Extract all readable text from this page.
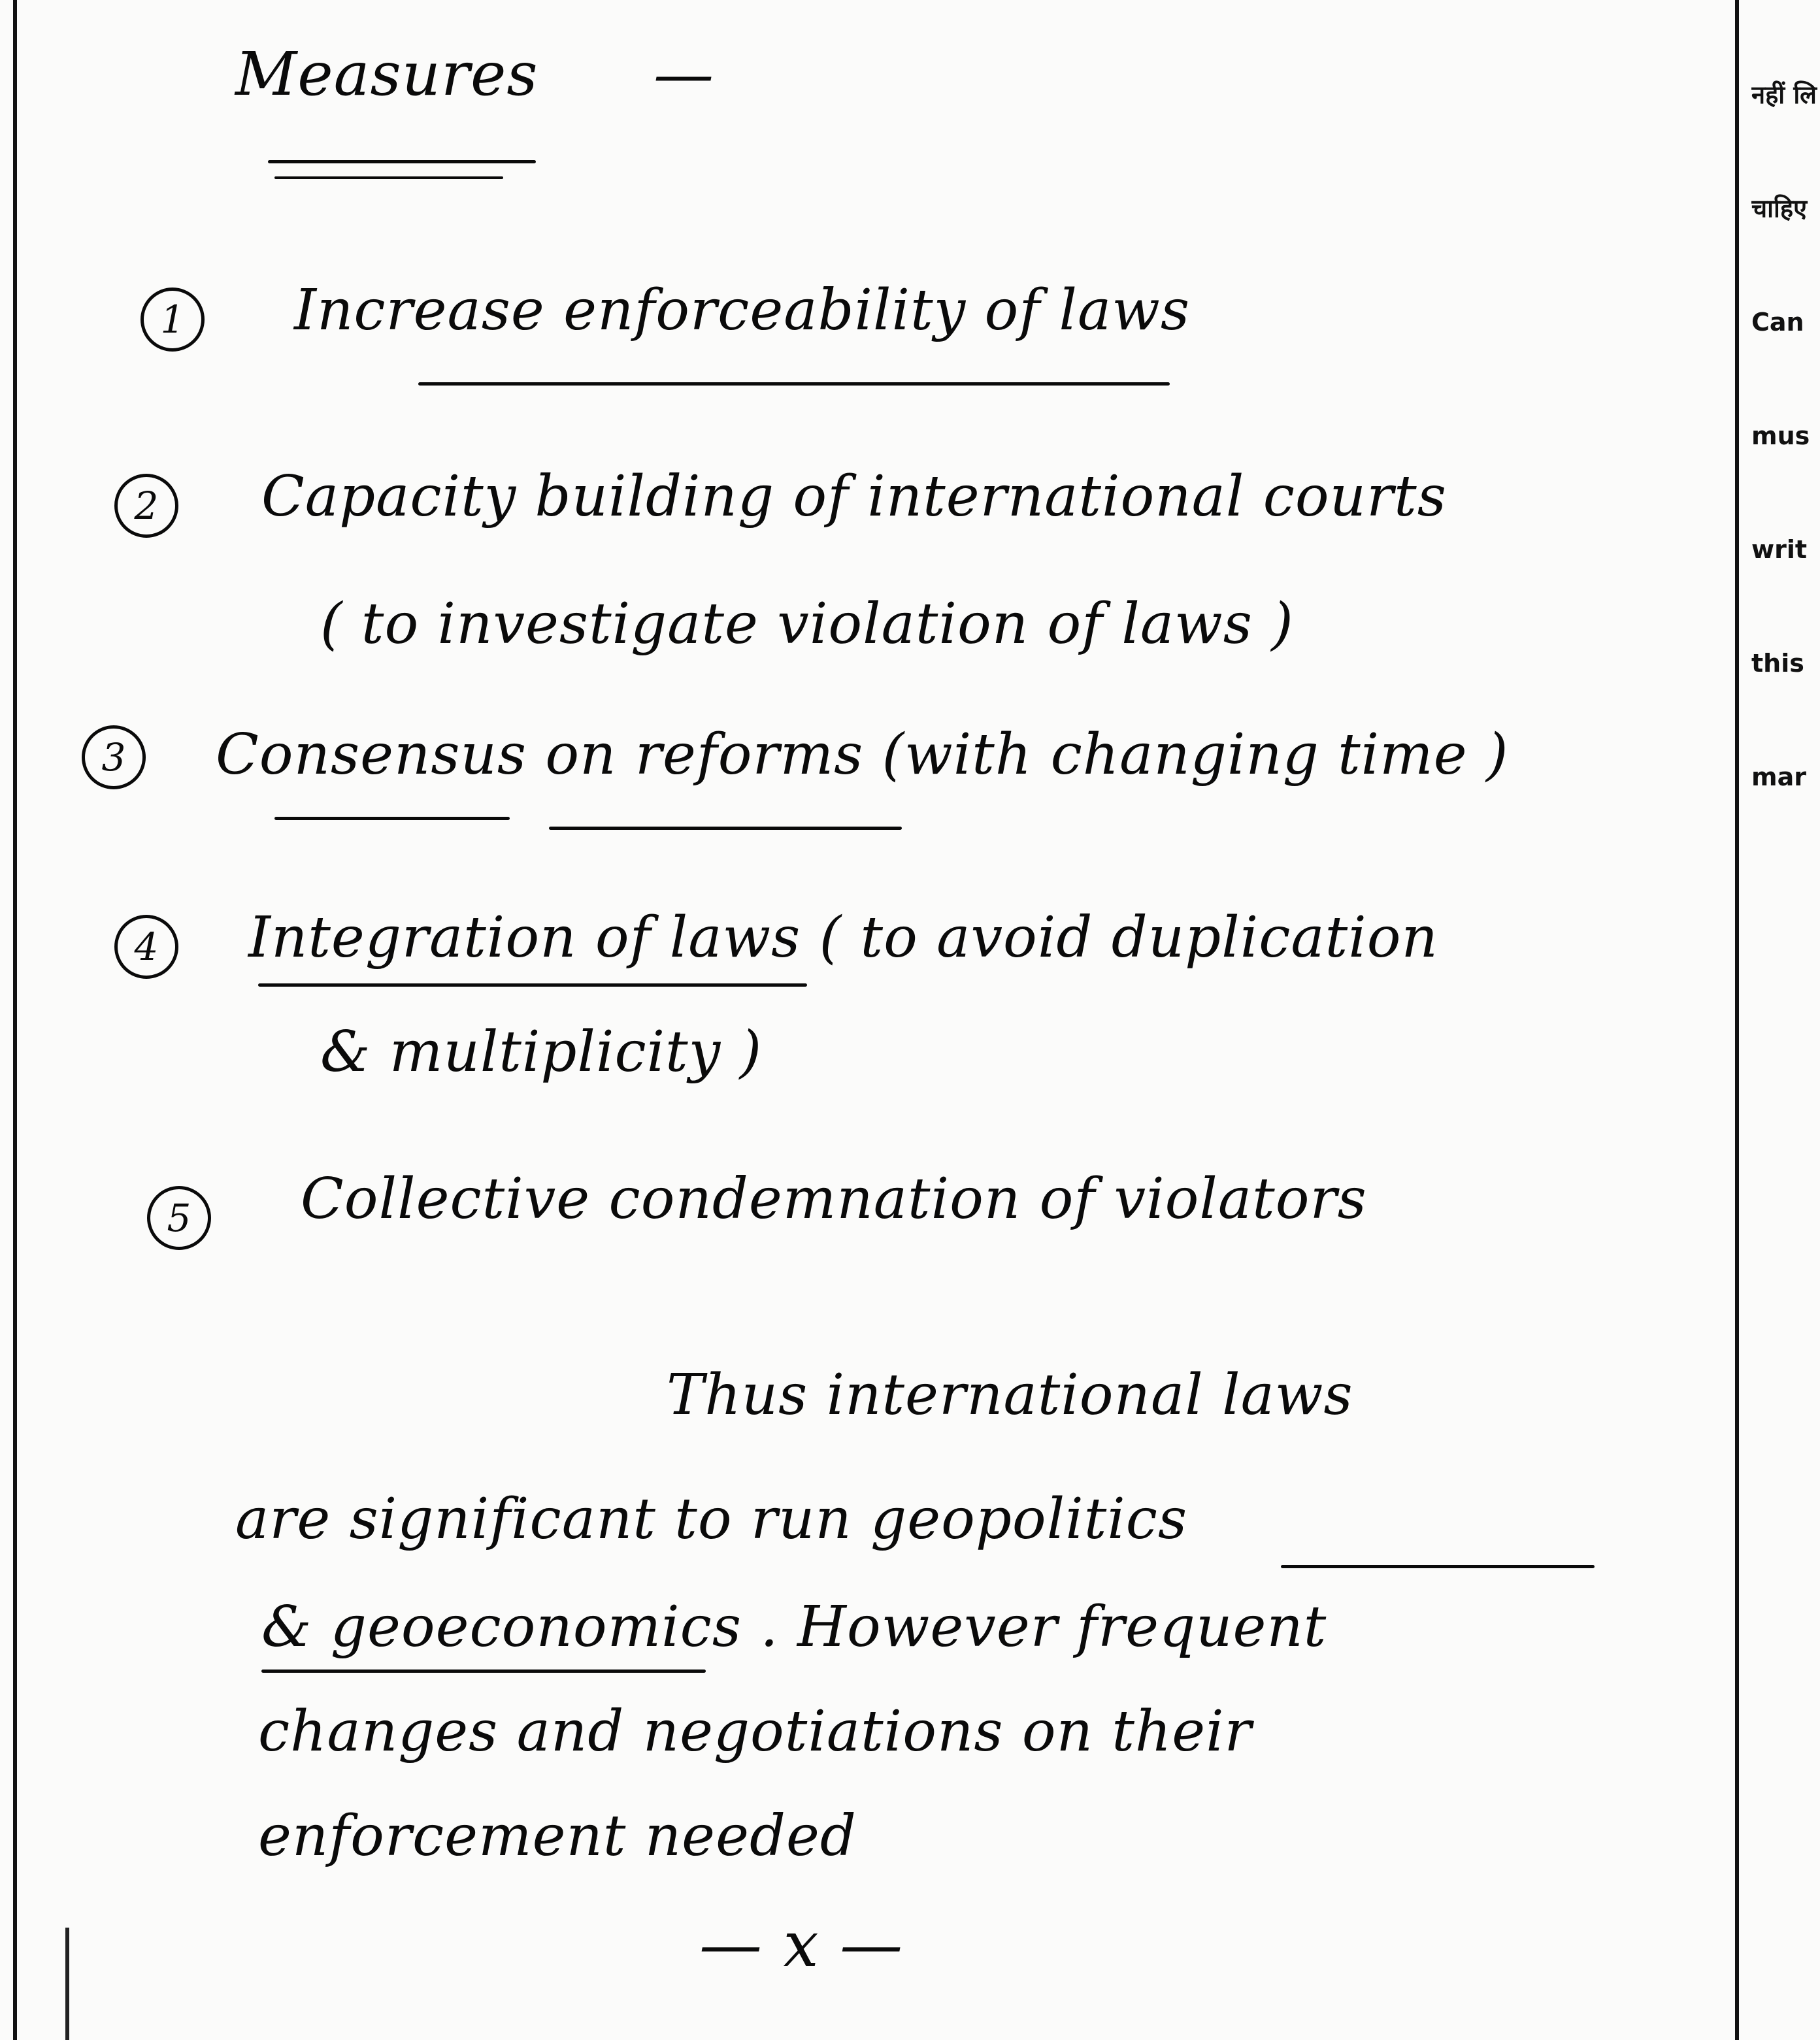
नहीं लि

चाहिए

Can

mus

writ

this

mar

Measures —
1	Increase enforceability of laws
2	Capacity building of international courts
( to investigate violation of laws )
3	Consensus on reforms (with changing time )
4	Integration of laws ( to avoid duplication
& multiplicity )
5	Collective condemnation of violators
Thus international laws
are significant to run geopolitics
& geoeconomics . However frequent
changes and negotiations on their
enforcement needed
— x —
